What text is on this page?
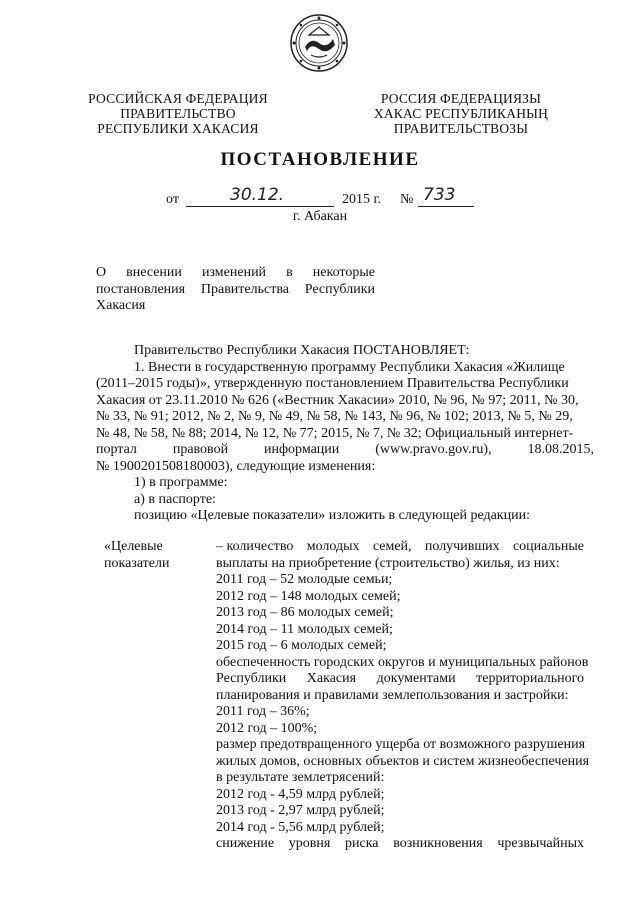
РОССИЙСКАЯ ФЕДЕРАЦИЯ
ПРАВИТЕЛЬСТВО
РЕСПУБЛИКИ ХАКАСИЯ
РОССИЯ ФЕДЕРАЦИЯЗЫ
ХАКАС РЕСПУБЛИКАНЫҢ
ПРАВИТЕЛЬСТВОЗЫ
ПОСТАНОВЛЕНИЕ
от	30.12.	2015 г. № 733
г. Абакан
О внесении изменений в некоторые
постановления Правительства Республики
Хакасия
Правительство Республики Хакасия ПОСТАНОВЛЯЕТ:
1. Внести в государственную программу Республики Хакасия «Жилище
(2011–2015 годы)», утвержденную постановлением Правительства Республики
Хакасия от 23.11.2010 № 626 («Вестник Хакасии» 2010, № 96, № 97; 2011, № 30,
№ 33, № 91; 2012, № 2, № 9, № 49, № 58, № 143, № 96, № 102; 2013, № 5, № 29,
№ 48, № 58, № 88; 2014, № 12, № 77; 2015, № 7, № 32; Официальный интернет-
портал	правовой	информации	(www.pravo.gov.ru),	18.08.2015,
№ 1900201508180003), следующие изменения:
1) в программе:
а) в паспорте:
позицию «Целевые показатели» изложить в следующей редакции:
«Целевые
показатели
– количество молодых семей, получивших социальные
выплаты на приобретение (строительство) жилья, из них:
2011 год – 52 молодые семьи;
2012 год – 148 молодых семей;
2013 год – 86 молодых семей;
2014 год – 11 молодых семей;
2015 год – 6 молодых семей;
обеспеченность городских округов и муниципальных районов
Республики Хакасия документами территориального
планирования и правилами землепользования и застройки:
2011 год – 36%;
2012 год – 100%;
размер предотвращенного ущерба от возможного разрушения
жилых домов, основных объектов и систем жизнеобеспечения
в результате землетрясений:
2012 год - 4,59 млрд рублей;
2013 год - 2,97 млрд рублей;
2014 год - 5,56 млрд рублей;
снижение уровня риска возникновения чрезвычайных
